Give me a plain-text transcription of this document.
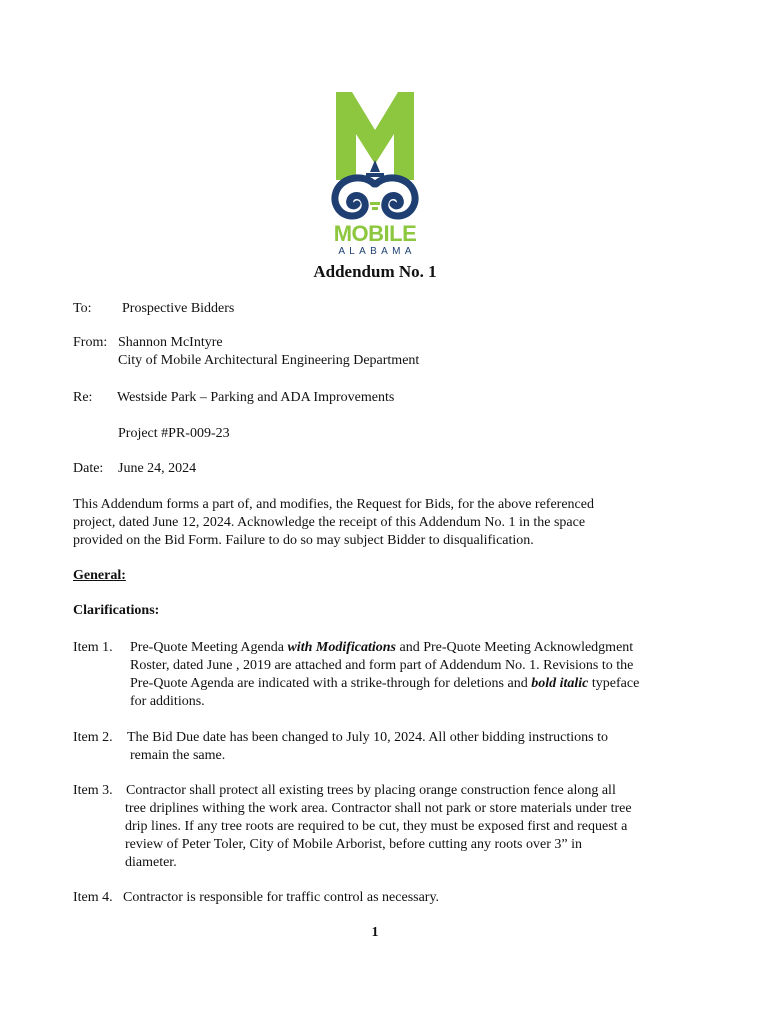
MOBILE
ALABAMA
Addendum No. 1
To: Prospective Bidders
From: Shannon McIntyre
City of Mobile Architectural Engineering Department
Re: Westside Park – Parking and ADA Improvements
Project #PR-009-23
Date: June 24, 2024
This Addendum forms a part of, and modifies, the Request for Bids, for the above referenced
project, dated June 12, 2024. Acknowledge the receipt of this Addendum No. 1 in the space
provided on the Bid Form. Failure to do so may subject Bidder to disqualification.
General:
Clarifications:
Item 1. Pre-Quote Meeting Agenda with Modifications and Pre-Quote Meeting Acknowledgment
Roster, dated June , 2019 are attached and form part of Addendum No. 1. Revisions to the
Pre-Quote Agenda are indicated with a strike-through for deletions and bold italic typeface
for additions.
Item 2. The Bid Due date has been changed to July 10, 2024. All other bidding instructions to
remain the same.
Item 3. Contractor shall protect all existing trees by placing orange construction fence along all
tree driplines withing the work area. Contractor shall not park or store materials under tree
drip lines. If any tree roots are required to be cut, they must be exposed first and request a
review of Peter Toler, City of Mobile Arborist, before cutting any roots over 3” in
diameter.
Item 4. Contractor is responsible for traffic control as necessary.
1
